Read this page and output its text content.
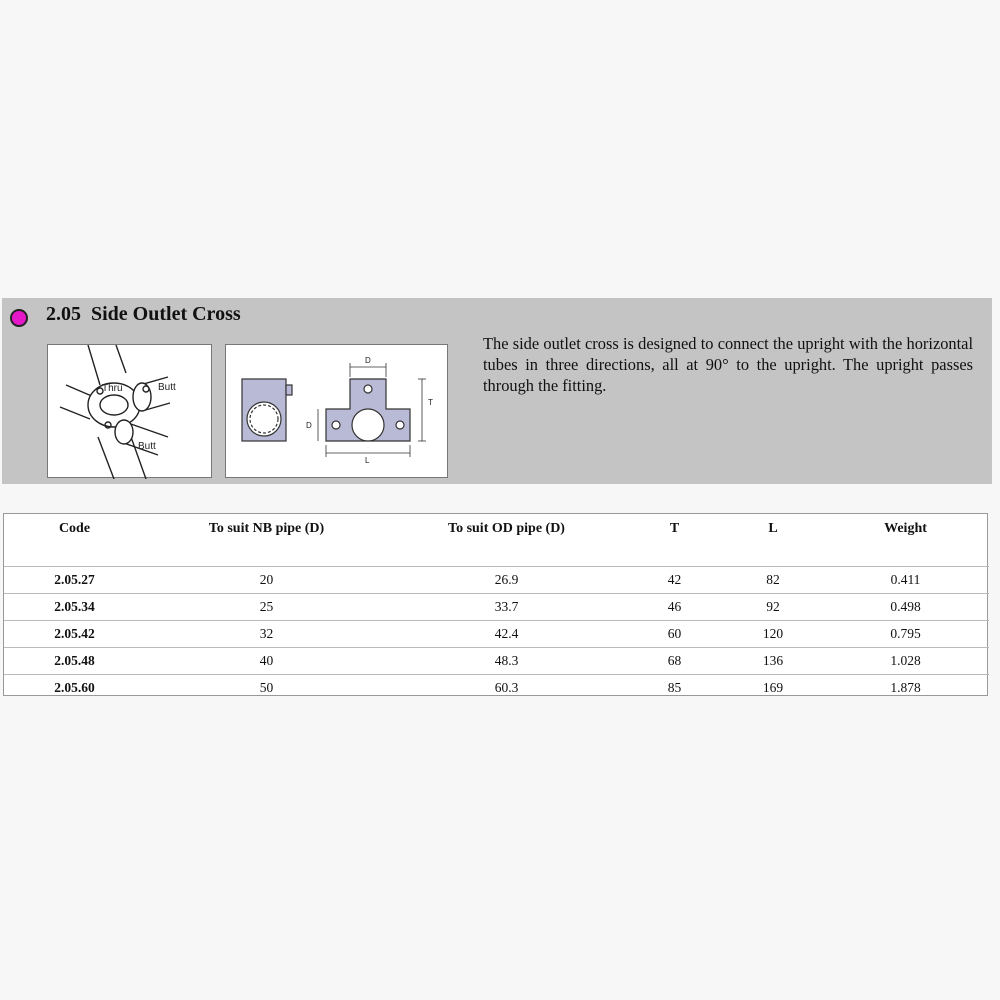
2.05  Side Outlet Cross
The side outlet cross is designed to connect the upright with the horizontal tubes in three directions, all at 90° to the upright. The upright passes through the fitting.
Thru	Butt
Butt
D
D
T
L
Code	To suit NB pipe (D)	To suit OD pipe (D)	T	L	Weight

2.05.27	20	26.9	42	82	0.411
2.05.34	25	33.7	46	92	0.498
2.05.42	32	42.4	60	120	0.795
2.05.48	40	48.3	68	136	1.028
2.05.60	50	60.3	85	169	1.878
